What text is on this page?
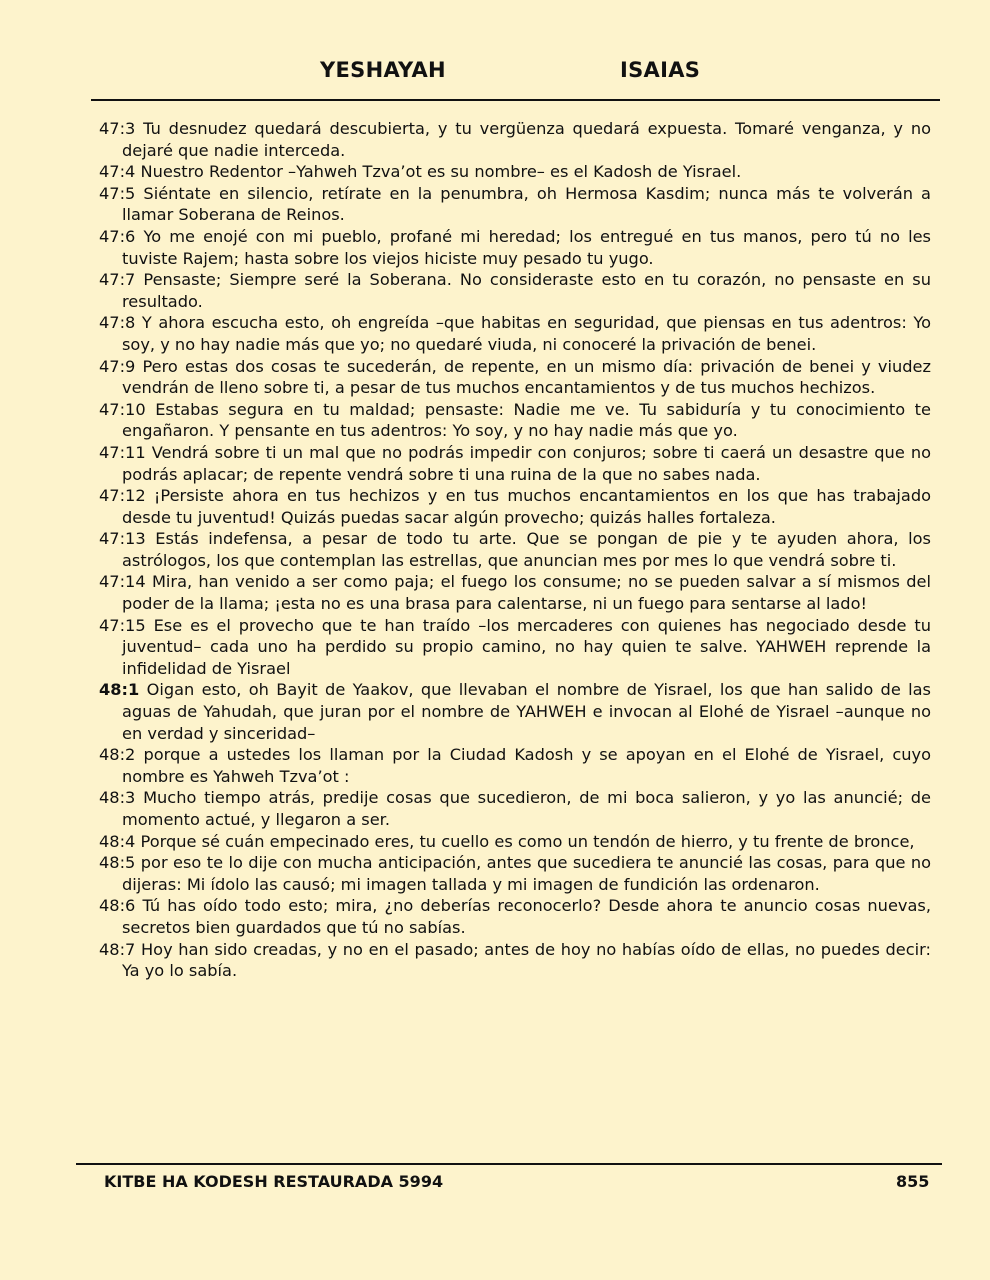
YESHAYAH	ISAIAS

47:3 Tu desnudez quedará descubierta, y tu vergüenza quedará expuesta. Tomaré venganza, y no dejaré que nadie interceda.

47:4 Nuestro Redentor –Yahweh Tzva’ot es su nombre– es el Kadosh de Yisrael.

47:5 Siéntate en silencio, retírate en la penumbra, oh Hermosa Kasdim; nunca más te volverán a llamar Soberana de Reinos.

47:6 Yo me enojé con mi pueblo, profané mi heredad; los entregué en tus manos, pero tú no les tuviste Rajem; hasta sobre los viejos hiciste muy pesado tu yugo.

47:7 Pensaste; Siempre seré la Soberana. No consideraste esto en tu corazón, no pensaste en su resultado.

47:8 Y ahora escucha esto, oh engreída –que habitas en seguridad, que piensas en tus adentros: Yo soy, y no hay nadie más que yo; no quedaré viuda, ni conoceré la privación de benei.

47:9 Pero estas dos cosas te sucederán, de repente, en un mismo día: privación de benei y viudez vendrán de lleno sobre ti, a pesar de tus muchos encantamientos y de tus muchos hechizos.

47:10 Estabas segura en tu maldad; pensaste: Nadie me ve. Tu sabiduría y tu conocimiento te engañaron. Y pensante en tus adentros: Yo soy, y no hay nadie más que yo.

47:11 Vendrá sobre ti un mal que no podrás impedir con conjuros; sobre ti caerá un desastre que no podrás aplacar; de repente vendrá sobre ti una ruina de la que no sabes nada.

47:12 ¡Persiste ahora en tus hechizos y en tus muchos encantamientos en los que has trabajado desde tu juventud! Quizás puedas sacar algún provecho; quizás halles fortaleza.

47:13 Estás indefensa, a pesar de todo tu arte. Que se pongan de pie y te ayuden ahora, los astrólogos, los que contemplan las estrellas, que anuncian mes por mes lo que vendrá sobre ti.

47:14 Mira, han venido a ser como paja; el fuego los consume; no se pueden salvar a sí mismos del poder de la llama; ¡esta no es una brasa para calentarse, ni un fuego para sentarse al lado!

47:15 Ese es el provecho que te han traído –los mercaderes con quienes has negociado desde tu juventud– cada uno ha perdido su propio camino, no hay quien te salve. YAHWEH reprende la infidelidad de Yisrael

48:1 Oigan esto, oh Bayit de Yaakov, que llevaban el nombre de Yisrael, los que han salido de las aguas de Yahudah, que juran por el nombre de YAHWEH e invocan al Elohé de Yisrael –aunque no en verdad y sinceridad–

48:2 porque a ustedes los llaman por la Ciudad Kadosh y se apoyan en el Elohé de Yisrael, cuyo nombre es Yahweh Tzva’ot :

48:3 Mucho tiempo atrás, predije cosas que sucedieron, de mi boca salieron, y yo las anuncié; de momento actué, y llegaron a ser.

48:4 Porque sé cuán empecinado eres, tu cuello es como un tendón de hierro, y tu frente de bronce,

48:5 por eso te lo dije con mucha anticipación, antes que sucediera te anuncié las cosas, para que no dijeras: Mi ídolo las causó; mi imagen tallada y mi imagen de fundición las ordenaron.

48:6 Tú has oído todo esto; mira, ¿no deberías reconocerlo? Desde ahora te anuncio cosas nuevas, secretos bien guardados que tú no sabías.

48:7 Hoy han sido creadas, y no en el pasado; antes de hoy no habías oído de ellas, no puedes decir: Ya yo lo sabía.

KITBE HA KODESH RESTAURADA 5994	855
